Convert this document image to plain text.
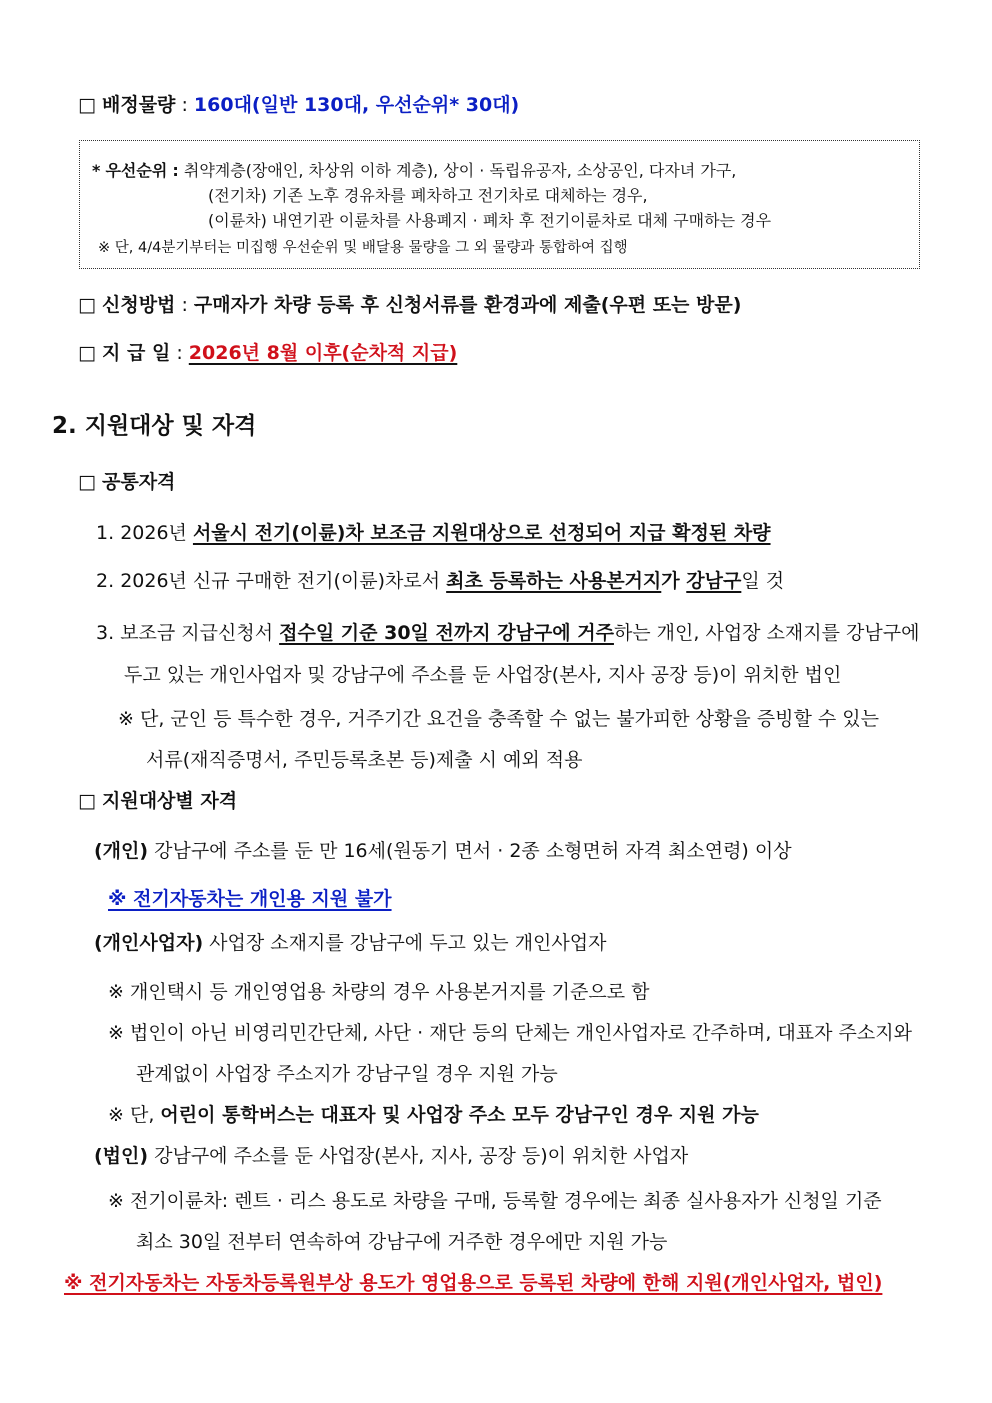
□ 배정물량 : 160대(일반 130대, 우선순위* 30대)
* 우선순위 : 취약계층(장애인, 차상위 이하 계층), 상이 · 독립유공자, 소상공인, 다자녀 가구,
(전기차) 기존 노후 경유차를 폐차하고 전기차로 대체하는 경우,
(이륜차) 내연기관 이륜차를 사용폐지 · 폐차 후 전기이륜차로 대체 구매하는 경우
※ 단, 4/4분기부터는 미집행 우선순위 및 배달용 물량을 그 외 물량과 통합하여 집행
□ 신청방법 : 구매자가 차량 등록 후 신청서류를 환경과에 제출(우편 또는 방문)
□ 지 급 일 : 2026년 8월 이후(순차적 지급)
2. 지원대상 및 자격
□ 공통자격
1. 2026년 서울시 전기(이륜)차 보조금 지원대상으로 선정되어 지급 확정된 차량
2. 2026년 신규 구매한 전기(이륜)차로서 최초 등록하는 사용본거지가 강남구일 것
3. 보조금 지급신청서 접수일 기준 30일 전까지 강남구에 거주하는 개인, 사업장 소재지를 강남구에
두고 있는 개인사업자 및 강남구에 주소를 둔 사업장(본사, 지사 공장 등)이 위치한 법인
※ 단, 군인 등 특수한 경우, 거주기간 요건을 충족할 수 없는 불가피한 상황을 증빙할 수 있는
서류(재직증명서, 주민등록초본 등)제출 시 예외 적용
□ 지원대상별 자격
(개인) 강남구에 주소를 둔 만 16세(원동기 면서 · 2종 소형면허 자격 최소연령) 이상
※ 전기자동차는 개인용 지원 불가
(개인사업자) 사업장 소재지를 강남구에 두고 있는 개인사업자
※ 개인택시 등 개인영업용 차량의 경우 사용본거지를 기준으로 함
※ 법인이 아닌 비영리민간단체, 사단 · 재단 등의 단체는 개인사업자로 간주하며, 대표자 주소지와
관계없이 사업장 주소지가 강남구일 경우 지원 가능
※ 단, 어린이 통학버스는 대표자 및 사업장 주소 모두 강남구인 경우 지원 가능
(법인) 강남구에 주소를 둔 사업장(본사, 지사, 공장 등)이 위치한 사업자
※ 전기이륜차: 렌트 · 리스 용도로 차량을 구매, 등록할 경우에는 최종 실사용자가 신청일 기준
최소 30일 전부터 연속하여 강남구에 거주한 경우에만 지원 가능
※ 전기자동차는 자동차등록원부상 용도가 영업용으로 등록된 차량에 한해 지원(개인사업자, 법인)
